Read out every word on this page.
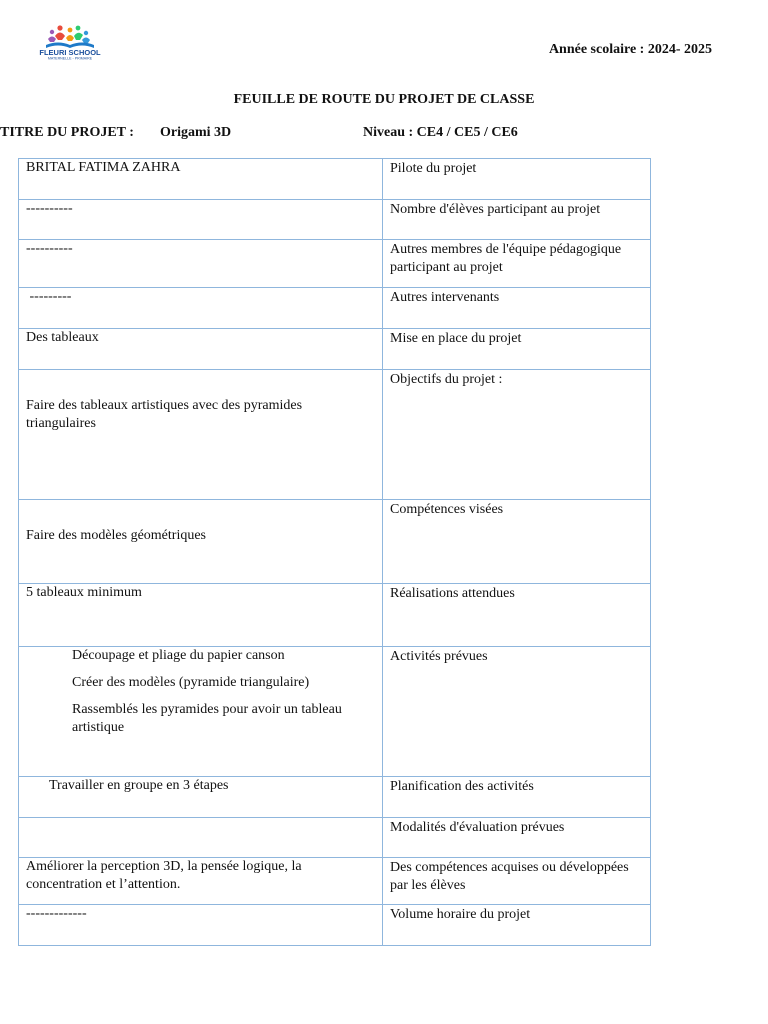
FLEURI SCHOOL
MATERNELLE - PRIMAIRE
Année scolaire : 2024- 2025
FEUILLE DE ROUTE DU PROJET DE CLASSE
TITRE DU PROJET : Origami 3D	Niveau : CE4 / CE5 / CE6
BRITAL FATIMA ZAHRA	Pilote du projet

----------	Nombre d'élèves participant au projet

----------	Autres membres de l'équipe pédagogique participant au projet

---------	Autres intervenants

Des tableaux	Mise en place du projet

Faire des tableaux artistiques avec des pyramides triangulaires	Objectifs du projet :

Faire des modèles géométriques	Compétences visées

5 tableaux minimum	Réalisations attendues

Découpage et pliage du papier canson
Créer des modèles (pyramide triangulaire)
Rassemblés les pyramides pour avoir un tableau artistique	Activités prévues

Travailler en groupe en 3 étapes	Planification des activités

	Modalités d'évaluation prévues

Améliorer la perception 3D, la pensée logique, la concentration et l’attention.	Des compétences acquises ou développées par les élèves

-------------	Volume horaire du projet
